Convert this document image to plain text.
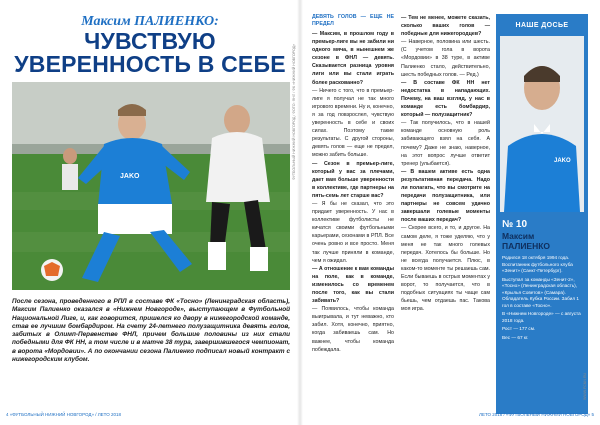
Максим ПАЛИЕНКО:
ЧУВСТВУЮ
УВЕРЕННОСТЬ В СЕБЕ
JAKO
После сезона, проведенного в РПЛ в составе ФК «Тосно» (Ленинградская область), Максим Палиенко оказался в «Нижнем Новгороде», выступающем в Футбольной Национальной Лиге, и, как говорится, пришелся ко двору в нижегородской команде, став ее лучшим бомбардиром. На счету 24-летнего полузащитника девять голов, забитых в Олимп-Первенстве ФНЛ, причем большие половины из них стали победными для ФК НН, а том числе и в матче 38 тура, завершившегося чемпионат, в ворота «Мордовии». А по окончании сезона Палиенко подписал новый контракт с нижегородским клубом.
4 «ФУТБОЛЬНЫЙ НИЖНИЙ НОВГОРОД» / ЛЕТО 2018
ФУТБОЛЬНЫЙ НИЖНИЙ НОВГОРОД / ФОТО: ФНЛ / ФК «НИЖНИЙ НОВГОРОД»
ДЕВЯТЬ ГОЛОВ — ЕЩЕ НЕ ПРЕДЕЛ

— Максим, в прошлом году в премьер-лиге вы не забили ни одного мяча, в нынешнем же сезоне в ФНЛ — девять. Сказывается разница уровня лиги или вы стали играть более раскованно?

— Ничего с того, что в премьер-лиге я получал не так много игрового времени. Ну и, конечно, я за год повзрослел, чувствую уверенность в себе и своих силах. Поэтому такие результаты. С другой стороны, девять голов — еще не предел, можно забить больше.

— Сезон в премьер-лиге, который у вас за плечами, дает вам больше уверенности в коллективе, где партнеры на пять-семь лет старше вас?

— Я бы не сказал, что это придает уверенность. У нас в коллективе футболисты не кичатся своими футбольными карьерами, сезонами в РПЛ. Все очень ровно и все просто. Меня так лучше приняли в команде, чем я ожидал.

— А отношение к вам команды на поле, как в команде, изменилось со временем после того, как вы стали забивать?

— Появилось, чтобы команда выигрывала, и тут неважно, кто забил. Хотя, конечно, приятно, когда забиваешь сам. Но важнее, чтобы команда побеждала.

— Тем не менее, можете сказать, сколько ваших голов — победные для нижегородцев?

— Наверное, половина или шесть. (С учетом гола в ворота «Мордовии» в 38 туре, в активе Палиенко стало, действительно, шесть победных голов. — Ред.)

— В составе ФК НН нет недостатка в нападающих. Почему, на ваш взгляд, у нас в команде есть бомбардир, который — полузащитник?

— Так получилось, что в нашей команде основную роль забивающего взял на себя. А почему? Даже не знаю, наверное, на этот вопрос лучше ответит тренер (улыбается).

— В вашем активе есть одна результативная передача. Надо ли полагать, что вы смотрите на передачи полузащитника, или партнеры не совсем удачно завершали голевые моменты после ваших передач?

— Скорее всего, и то, и другое. На самом деле, я тоже уделяю, что у меня не так много голевых передач. Хотелось бы больше. Но не всегда получается. Плюс, в каком-то моменте ты решаешь сам. Если бываешь в острых моментах у ворот, то получается, что в подобных ситуациях ты чаще сам бьешь, чем отдаешь пас. Такова моя игра.

НАШЕ ДОСЬЕ
JAKO
№ 10
Максим
ПАЛИЕНКО

Родился 18 октября 1994 года. Воспитанник футбольного клуба «Зенит» (Санкт-Петербург).

Выступал за команды «Зенит-2», «Тосно» (Ленинградская область), «Крылья Советов» (Самара). Обладатель Кубка России. Забил 1 гол в составе «Тосно».

В «Нижнем Новгороде» — с августа 2018 года.

Рост — 177 см.

Вес — 67 кг.

ЛЕТО 2018 / «ФУТБОЛЬНЫЙ НИЖНИЙ НОВГОРОД» 5
WWW.FCNN.RU
